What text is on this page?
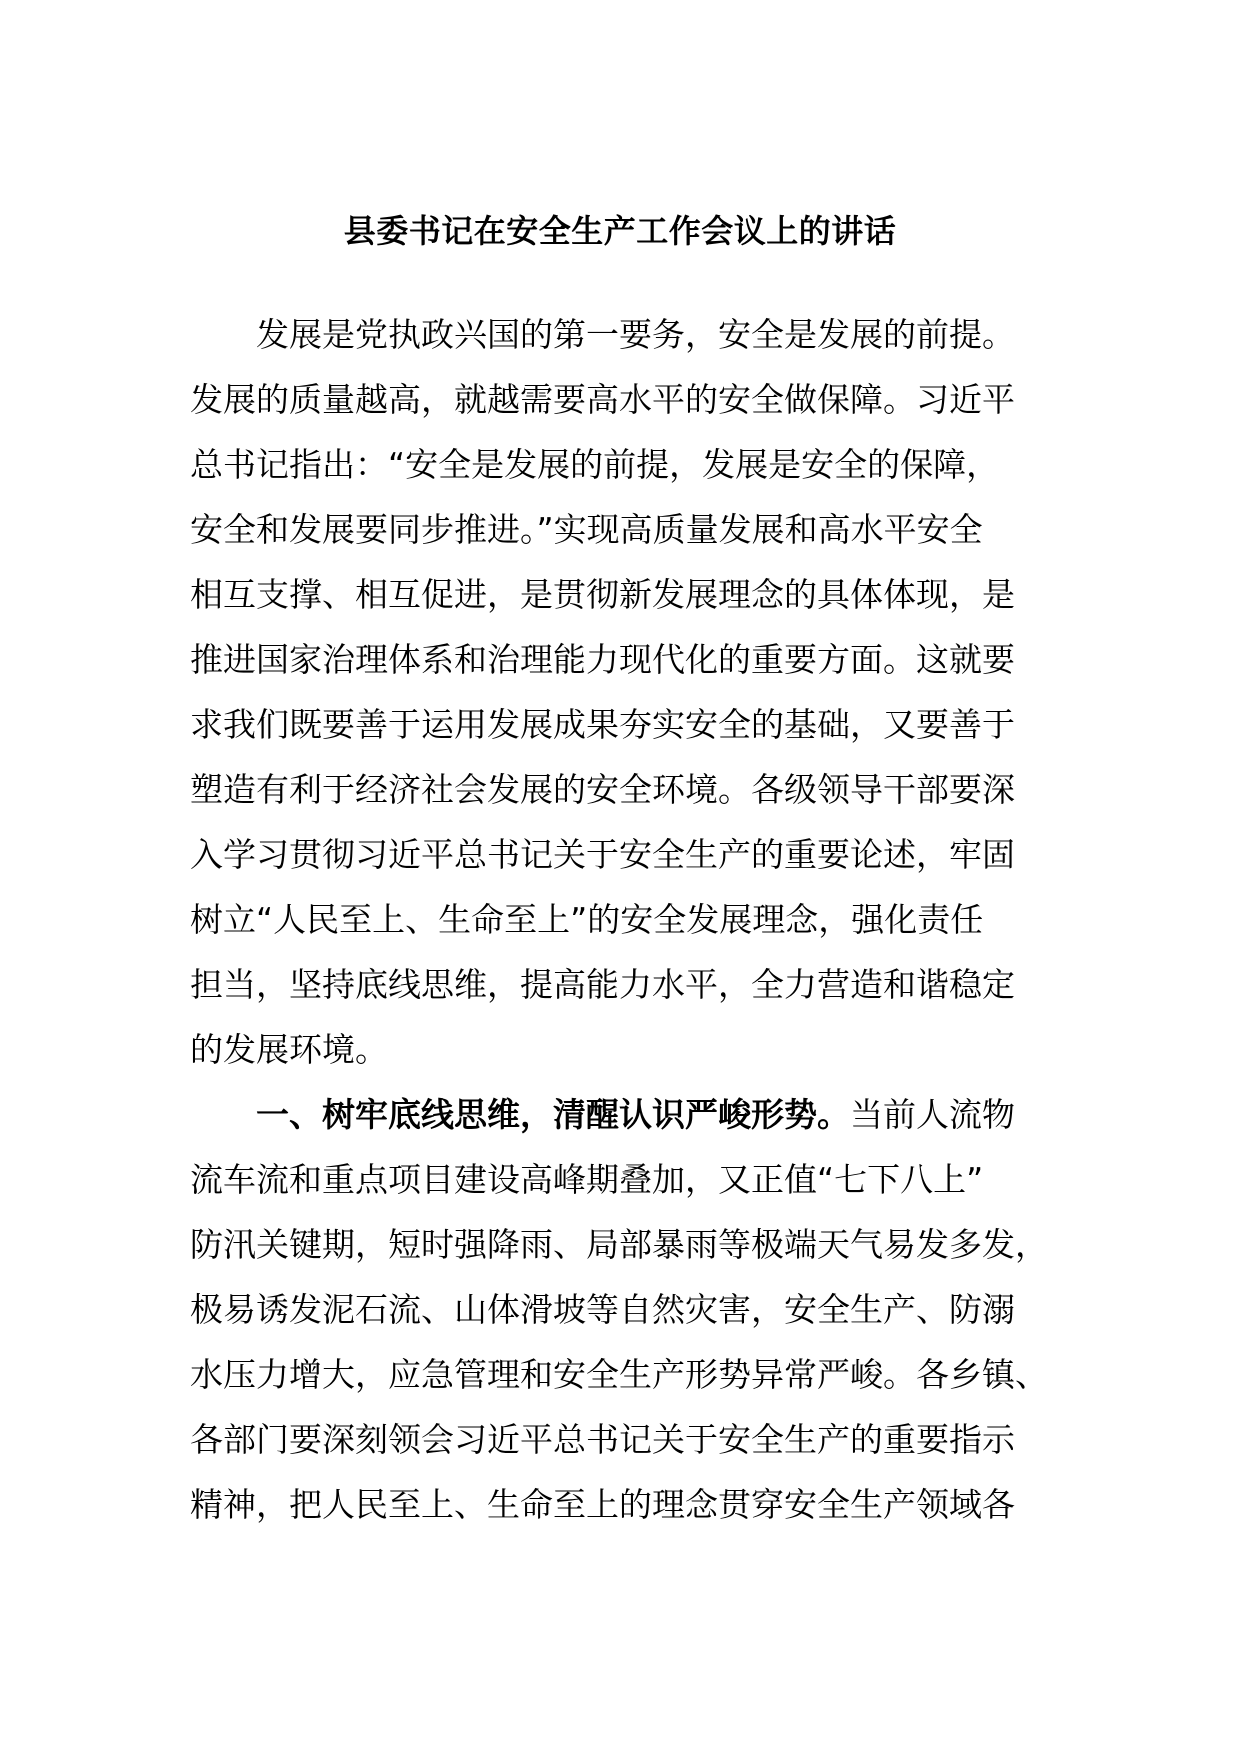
县委书记在安全生产工作会议上的讲话

发展是党执政兴国的第一要务，安全是发展的前提。
发展的质量越高，就越需要高水平的安全做保障。习近平
总书记指出：“安全是发展的前提，发展是安全的保障，
安全和发展要同步推进。”实现高质量发展和高水平安全
相互支撑、相互促进，是贯彻新发展理念的具体体现，是
推进国家治理体系和治理能力现代化的重要方面。这就要
求我们既要善于运用发展成果夯实安全的基础，又要善于
塑造有利于经济社会发展的安全环境。各级领导干部要深
入学习贯彻习近平总书记关于安全生产的重要论述，牢固
树立“人民至上、生命至上”的安全发展理念，强化责任
担当，坚持底线思维，提高能力水平，全力营造和谐稳定
的发展环境。

一、树牢底线思维，清醒认识严峻形势。当前人流物
流车流和重点项目建设高峰期叠加，又正值“七下八上”
防汛关键期，短时强降雨、局部暴雨等极端天气易发多发，
极易诱发泥石流、山体滑坡等自然灾害，安全生产、防溺
水压力增大，应急管理和安全生产形势异常严峻。各乡镇、
各部门要深刻领会习近平总书记关于安全生产的重要指示
精神，把人民至上、生命至上的理念贯穿安全生产领域各
